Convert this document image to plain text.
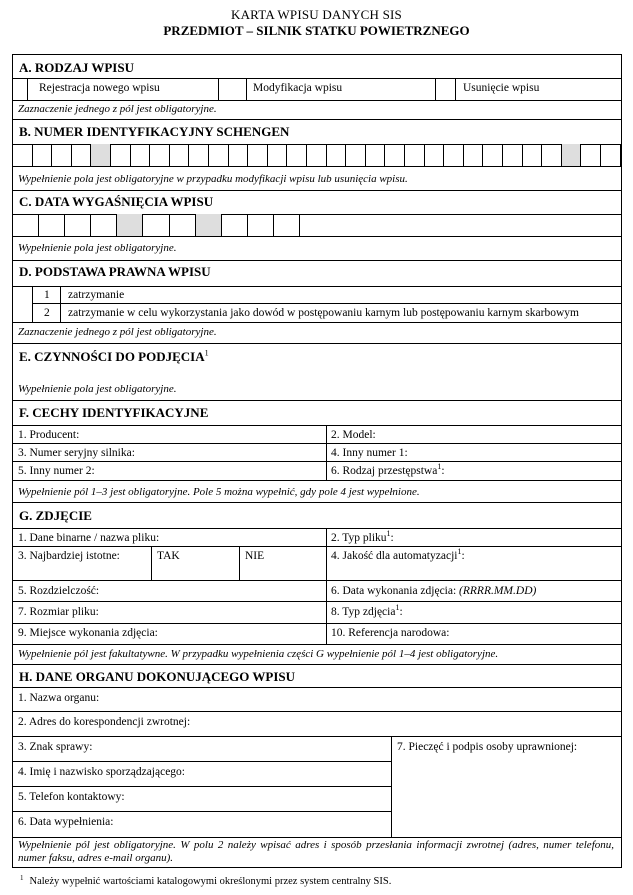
KARTA WPISU DANYCH SIS
PRZEDMIOT – SILNIK STATKU POWIETRZNEGO
A. RODZAJ WPISU
Rejestracja nowego wpisu	Modyfikacja wpisu	Usunięcie wpisu
Zaznaczenie jednego z pól jest obligatoryjne.
B. NUMER IDENTYFIKACYJNY SCHENGEN
Wypełnienie pola jest obligatoryjne w przypadku modyfikacji wpisu lub usunięcia wpisu.
C. DATA WYGAŚNIĘCIA WPISU
Wypełnienie pola jest obligatoryjne.
D. PODSTAWA PRAWNA WPISU
1 zatrzymanie
2 zatrzymanie w celu wykorzystania jako dowód w postępowaniu karnym lub postępowaniu karnym skarbowym
Zaznaczenie jednego z pól jest obligatoryjne.
E. CZYNNOŚCI DO PODJĘCIA$^1$
Wypełnienie pola jest obligatoryjne.
F. CECHY IDENTYFIKACYJNE
1. Producent:	2. Model:
3. Numer seryjny silnika:	4. Inny numer 1:
5. Inny numer 2:	6. Rodzaj przestępstwa$^1$:
Wypełnienie pól 1–3 jest obligatoryjne. Pole 5 można wypełnić, gdy pole 4 jest wypełnione.
G. ZDJĘCIE
1. Dane binarne / nazwa pliku:	2. Typ pliku$^1$:
3. Najbardziej istotne:	TAK	NIE	4. Jakość dla automatyzacji$^1$:
5. Rozdzielczość:	6. Data wykonania zdjęcia: (RRRR.MM.DD)
7. Rozmiar pliku:	8. Typ zdjęcia$^1$:
9. Miejsce wykonania zdjęcia:	10. Referencja narodowa:
Wypełnienie pól jest fakultatywne. W przypadku wypełnienia części G wypełnienie pól 1–4 jest obligatoryjne.
H. DANE ORGANU DOKONUJĄCEGO WPISU
1. Nazwa organu:
2. Adres do korespondencji zwrotnej:
3. Znak sprawy:	7. Pieczęć i podpis osoby uprawnionej:
4. Imię i nazwisko sporządzającego:
5. Telefon kontaktowy:
6. Data wypełnienia:
Wypełnienie pól jest obligatoryjne. W polu 2 należy wpisać adres i sposób przesłania informacji zwrotnej (adres, numer telefonu, numer faksu, adres e-mail organu).
$^1$ Należy wypełnić wartościami katalogowymi określonymi przez system centralny SIS.
